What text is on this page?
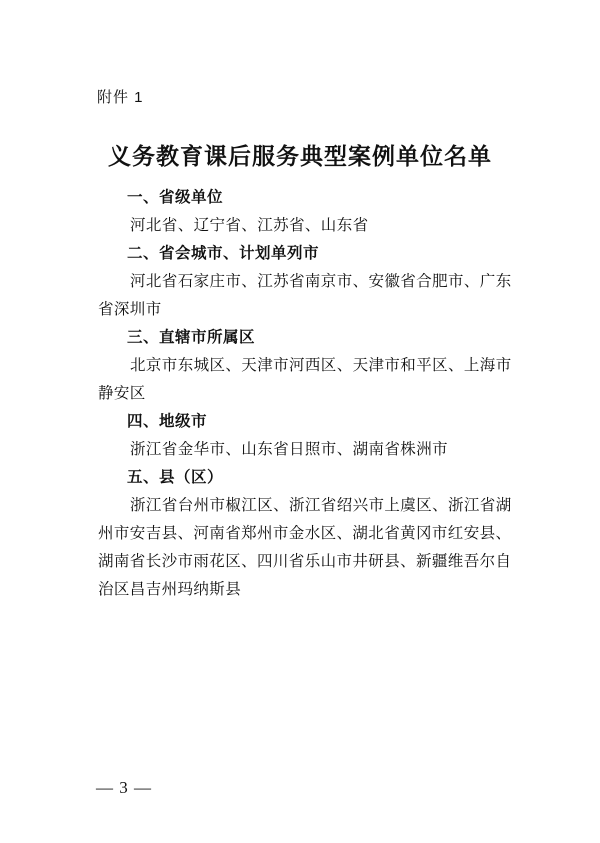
附件 1
义务教育课后服务典型案例单位名单
一、省级单位
河北省、辽宁省、江苏省、山东省
二、省会城市、计划单列市
河北省石家庄市、江苏省南京市、安徽省合肥市、广东
省深圳市
三、直辖市所属区
北京市东城区、天津市河西区、天津市和平区、上海市
静安区
四、地级市
浙江省金华市、山东省日照市、湖南省株洲市
五、县（区）
浙江省台州市椒江区、浙江省绍兴市上虞区、浙江省湖
州市安吉县、河南省郑州市金水区、湖北省黄冈市红安县、
湖南省长沙市雨花区、四川省乐山市井研县、新疆维吾尔自
治区昌吉州玛纳斯县
— 3 —
